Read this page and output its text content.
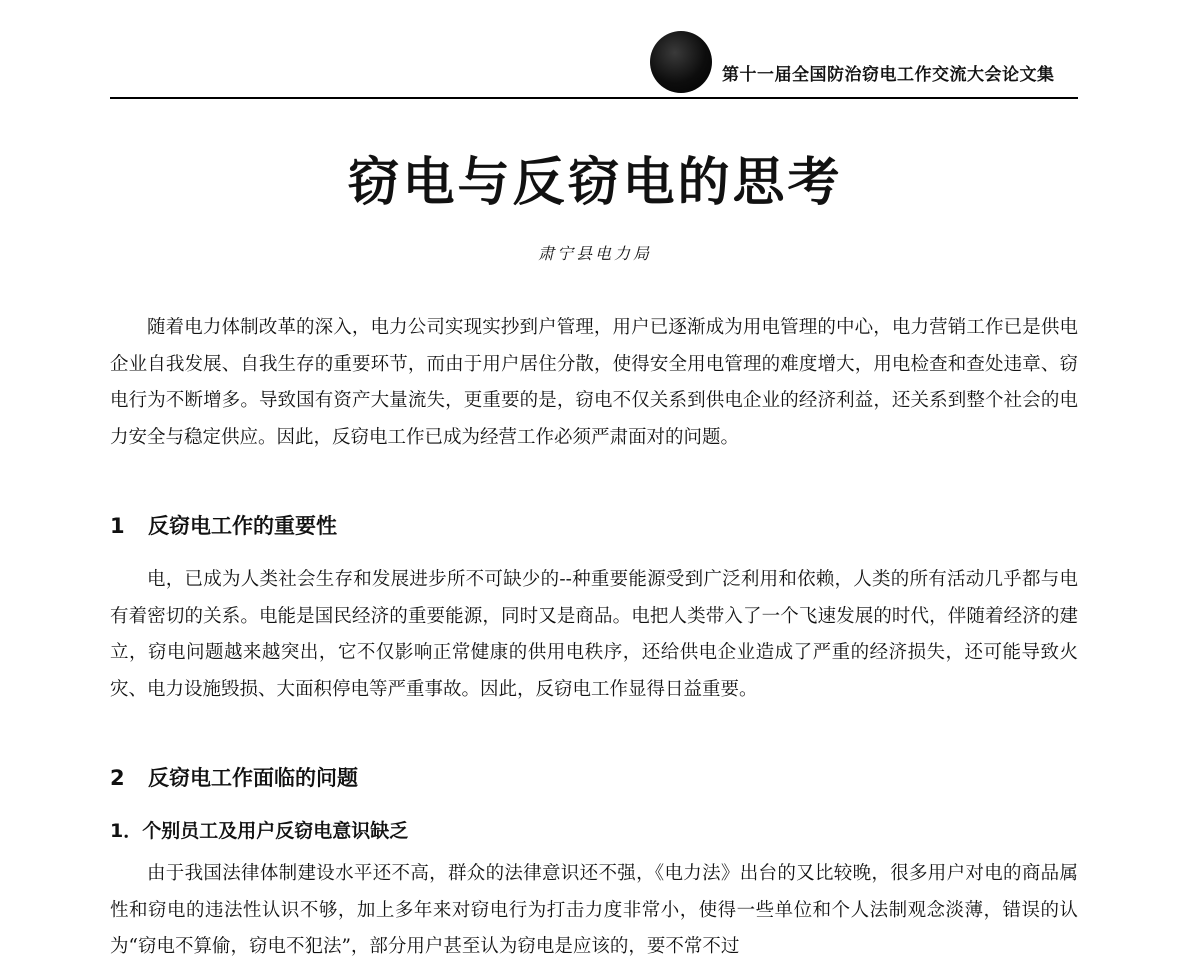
第十一届全国防治窃电工作交流大会论文集
窃电与反窃电的思考
肃宁县电力局

随着电力体制改革的深入，电力公司实现实抄到户管理，用户已逐渐成为用电管理的中心，电力营销工作已是供电企业自我发展、自我生存的重要环节，而由于用户居住分散，使得安全用电管理的难度增大，用电检查和查处违章、窃电行为不断增多。导致国有资产大量流失，更重要的是，窃电不仅关系到供电企业的经济利益，还关系到整个社会的电力安全与稳定供应。因此，反窃电工作已成为经营工作必须严肃面对的问题。

1 反窃电工作的重要性

电，已成为人类社会生存和发展进步所不可缺少的--种重要能源受到广泛利用和依赖，人类的所有活动几乎都与电有着密切的关系。电能是国民经济的重要能源，同时又是商品。电把人类带入了一个飞速发展的时代，伴随着经济的建立，窃电问题越来越突出，它不仅影响正常健康的供用电秩序，还给供电企业造成了严重的经济损失，还可能导致火灾、电力设施毁损、大面积停电等严重事故。因此，反窃电工作显得日益重要。

2 反窃电工作面临的问题
1．个别员工及用户反窃电意识缺乏

由于我国法律体制建设水平还不高，群众的法律意识还不强，《电力法》出台的又比较晚，很多用户对电的商品属性和窃电的违法性认识不够，加上多年来对窃电行为打击力度非常小，使得一些单位和个人法制观念淡薄，错误的认为“窃电不算偷，窃电不犯法”，部分用户甚至认为窃电是应该的，要不常不过
